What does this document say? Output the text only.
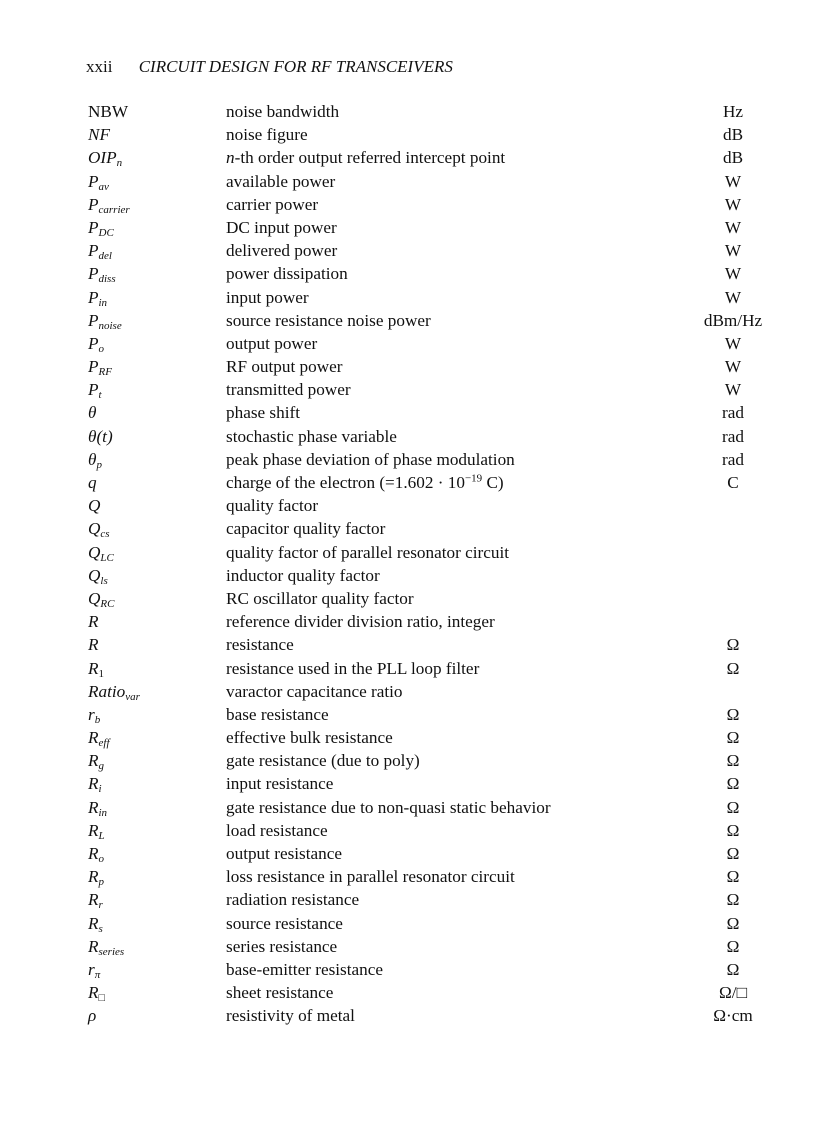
xxii CIRCUIT DESIGN FOR RF TRANSCEIVERS
NBW	noise bandwidth	Hz
NF	noise figure	dB
$OIP_n$	n-th order output referred intercept point	dB
$P_{av}$	available power	W
$P_{carrier}$	carrier power	W
$P_{DC}$	DC input power	W
$P_{del}$	delivered power	W
$P_{diss}$	power dissipation	W
$P_{in}$	input power	W
$P_{noise}$	source resistance noise power	dBm/Hz
$P_o$	output power	W
$P_{RF}$	RF output power	W
$P_t$	transmitted power	W
θ	phase shift	rad
θ(t)	stochastic phase variable	rad
$\theta_p$	peak phase deviation of phase modulation	rad
q	charge of the electron ($=1.602 \cdot 10^{-19}$ C)	C
Q	quality factor
$Q_{cs}$	capacitor quality factor
$Q_{LC}$	quality factor of parallel resonator circuit
$Q_{ls}$	inductor quality factor
$Q_{RC}$	RC oscillator quality factor
R	reference divider division ratio, integer
R	resistance	Ω
$R_1$	resistance used in the PLL loop filter	Ω
Ratio$_{var}$	varactor capacitance ratio
$r_b$	base resistance	Ω
$R_{eff}$	effective bulk resistance	Ω
$R_g$	gate resistance (due to poly)	Ω
$R_i$	input resistance	Ω
$R_{in}$	gate resistance due to non-quasi static behavior	Ω
$R_L$	load resistance	Ω
$R_o$	output resistance	Ω
$R_p$	loss resistance in parallel resonator circuit	Ω
$R_r$	radiation resistance	Ω
$R_s$	source resistance	Ω
$R_{series}$	series resistance	Ω
$r_\pi$	base-emitter resistance	Ω
$R_□$	sheet resistance	Ω/□
ρ	resistivity of metal	Ω·cm
